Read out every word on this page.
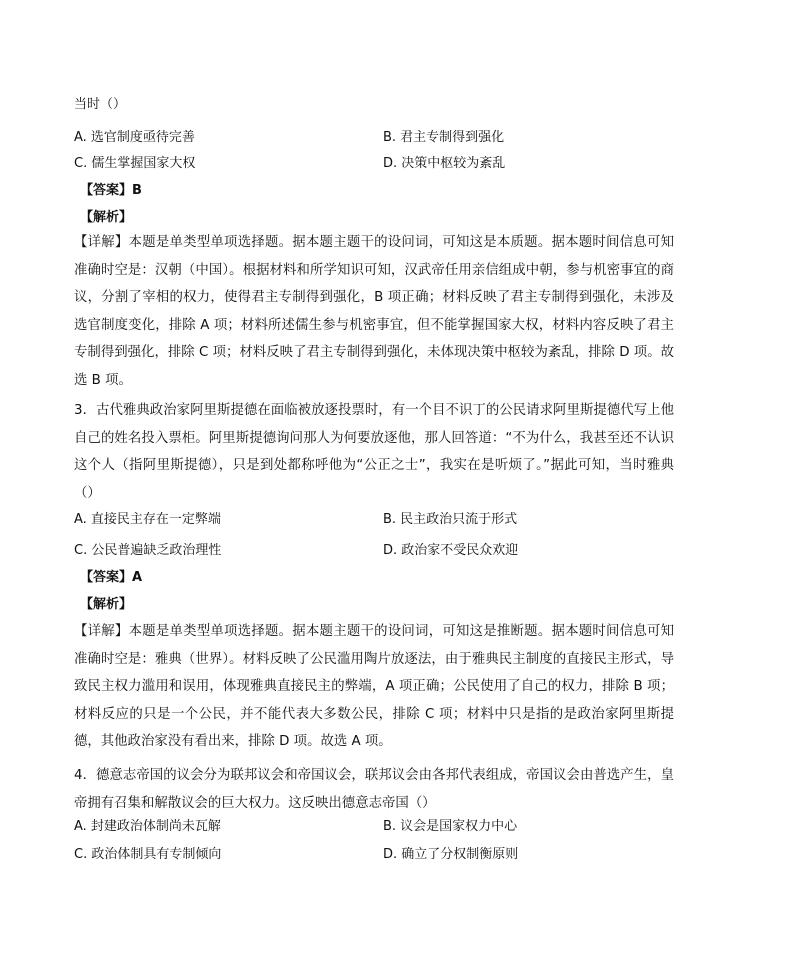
当时（）
A. 选官制度亟待完善	B. 君主专制得到强化
C. 儒生掌握国家大权	D. 决策中枢较为紊乱
【答案】B
【解析】
【详解】本题是单类型单项选择题。据本题主题干的设问词，可知这是本质题。据本题时间信息可知准确时空是：汉朝（中国）。根据材料和所学知识可知，汉武帝任用亲信组成中朝，参与机密事宜的商议，分割了宰相的权力，使得君主专制得到强化，B 项正确；材料反映了君主专制得到强化，未涉及选官制度变化，排除 A 项；材料所述儒生参与机密事宜，但不能掌握国家大权，材料内容反映了君主专制得到强化，排除 C 项；材料反映了君主专制得到强化，未体现决策中枢较为紊乱，排除 D 项。故选 B 项。
3．古代雅典政治家阿里斯提德在面临被放逐投票时，有一个目不识丁的公民请求阿里斯提德代写上他自己的姓名投入票柜。阿里斯提德询问那人为何要放逐他，那人回答道：“不为什么，我甚至还不认识这个人（指阿里斯提德），只是到处都称呼他为“公正之士”，我实在是听烦了。”据此可知，当时雅典（）
A. 直接民主存在一定弊端	B. 民主政治只流于形式
C. 公民普遍缺乏政治理性	D. 政治家不受民众欢迎
【答案】A
【解析】
【详解】本题是单类型单项选择题。据本题主题干的设问词，可知这是推断题。据本题时间信息可知准确时空是：雅典（世界）。材料反映了公民滥用陶片放逐法，由于雅典民主制度的直接民主形式，导致民主权力滥用和误用，体现雅典直接民主的弊端，A 项正确；公民使用了自己的权力，排除 B 项；材料反应的只是一个公民，并不能代表大多数公民，排除 C 项；材料中只是指的是政治家阿里斯提德，其他政治家没有看出来，排除 D 项。故选 A 项。
4．德意志帝国的议会分为联邦议会和帝国议会，联邦议会由各邦代表组成，帝国议会由普选产生，皇帝拥有召集和解散议会的巨大权力。这反映出德意志帝国（）
A. 封建政治体制尚未瓦解	B. 议会是国家权力中心
C. 政治体制具有专制倾向	D. 确立了分权制衡原则
